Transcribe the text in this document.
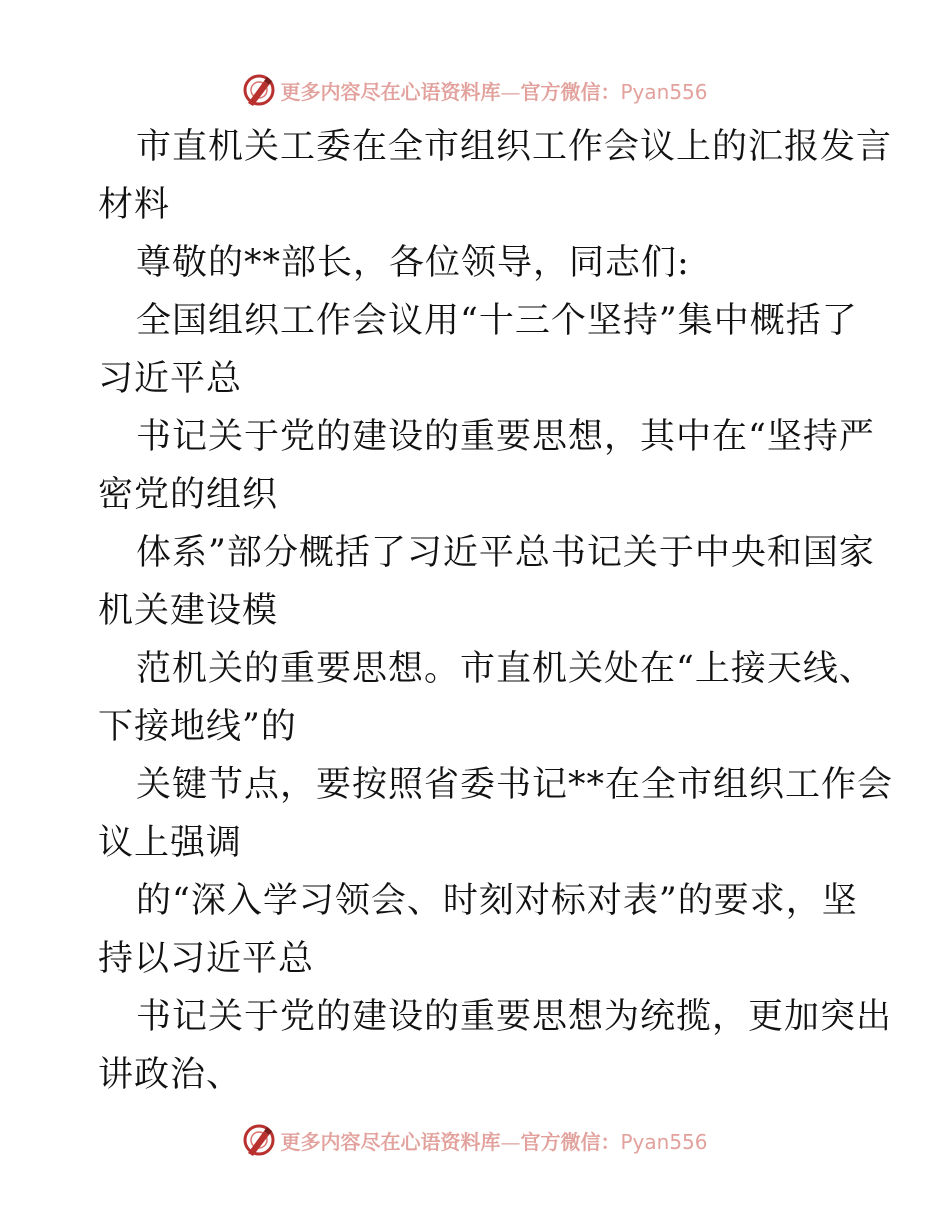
更多内容尽在心语资料库—官方微信：Pyan556
市直机关工委在全市组织工作会议上的汇报发言
材料
尊敬的**部长，各位领导，同志们:
全国组织工作会议用“十三个坚持”集中概括了
习近平总
书记关于党的建设的重要思想，其中在“坚持严
密党的组织
体系”部分概括了习近平总书记关于中央和国家
机关建设模
范机关的重要思想。市直机关处在“上接天线、
下接地线”的
关键节点，要按照省委书记**在全市组织工作会
议上强调
的“深入学习领会、时刻对标对表”的要求，坚
持以习近平总
书记关于党的建设的重要思想为统揽，更加突出
讲政治、
更多内容尽在心语资料库—官方微信：Pyan556
